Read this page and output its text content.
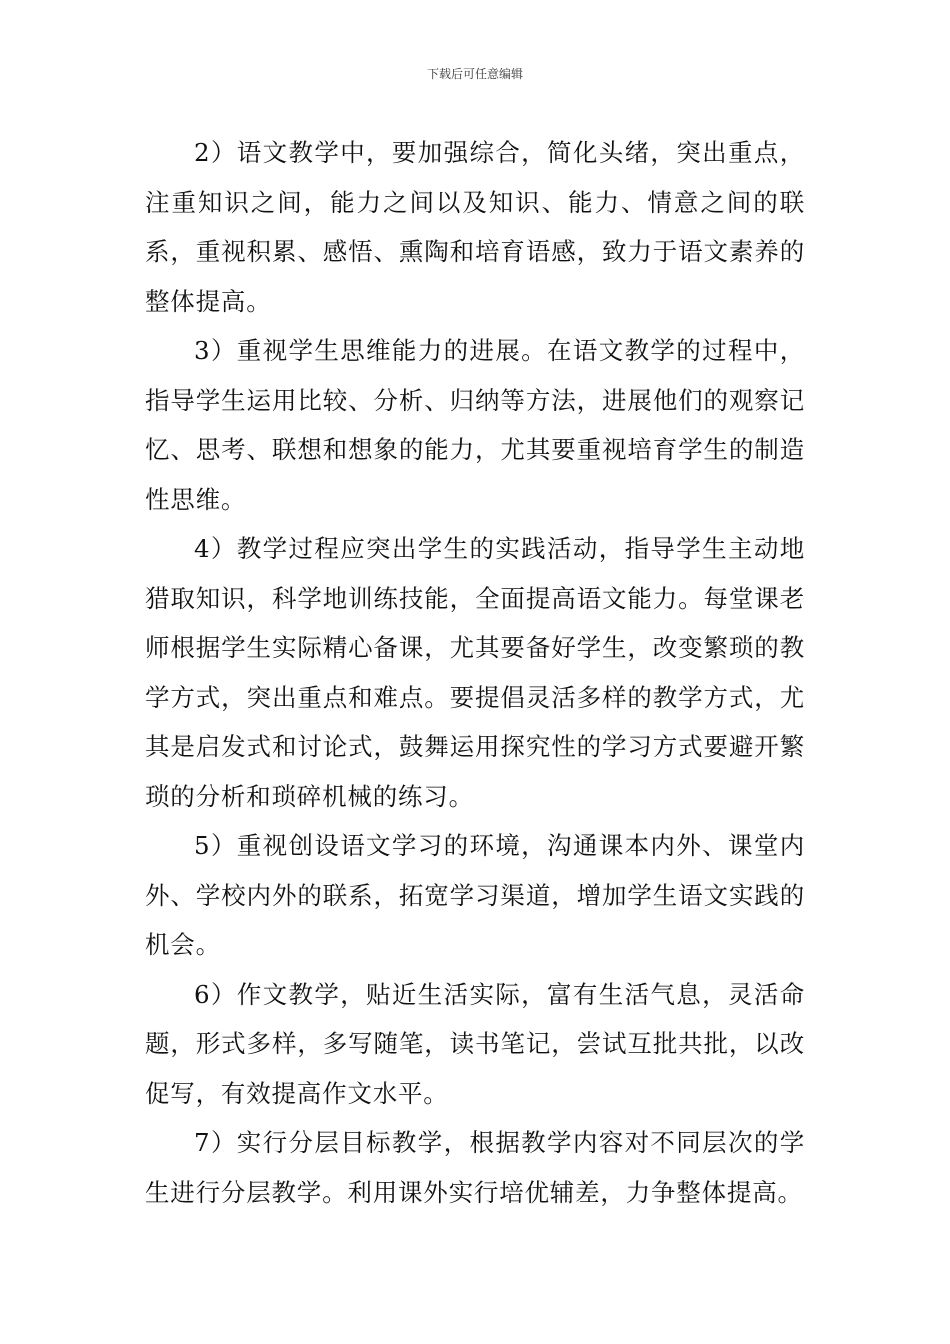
下载后可任意编辑

2）语文教学中，要加强综合，简化头绪，突出重点，注重知识之间，能力之间以及知识、能力、情意之间的联系，重视积累、感悟、熏陶和培育语感，致力于语文素养的整体提高。

3）重视学生思维能力的进展。在语文教学的过程中，指导学生运用比较、分析、归纳等方法，进展他们的观察记忆、思考、联想和想象的能力，尤其要重视培育学生的制造性思维。

4）教学过程应突出学生的实践活动，指导学生主动地猎取知识，科学地训练技能，全面提高语文能力。每堂课老师根据学生实际精心备课，尤其要备好学生，改变繁琐的教学方式，突出重点和难点。要提倡灵活多样的教学方式，尤其是启发式和讨论式，鼓舞运用探究性的学习方式要避开繁琐的分析和琐碎机械的练习。

5）重视创设语文学习的环境，沟通课本内外、课堂内外、学校内外的联系，拓宽学习渠道，增加学生语文实践的机会。

6）作文教学，贴近生活实际，富有生活气息，灵活命题，形式多样，多写随笔，读书笔记，尝试互批共批，以改促写，有效提高作文水平。

7）实行分层目标教学，根据教学内容对不同层次的学生进行分层教学。利用课外实行培优辅差，力争整体提高。
